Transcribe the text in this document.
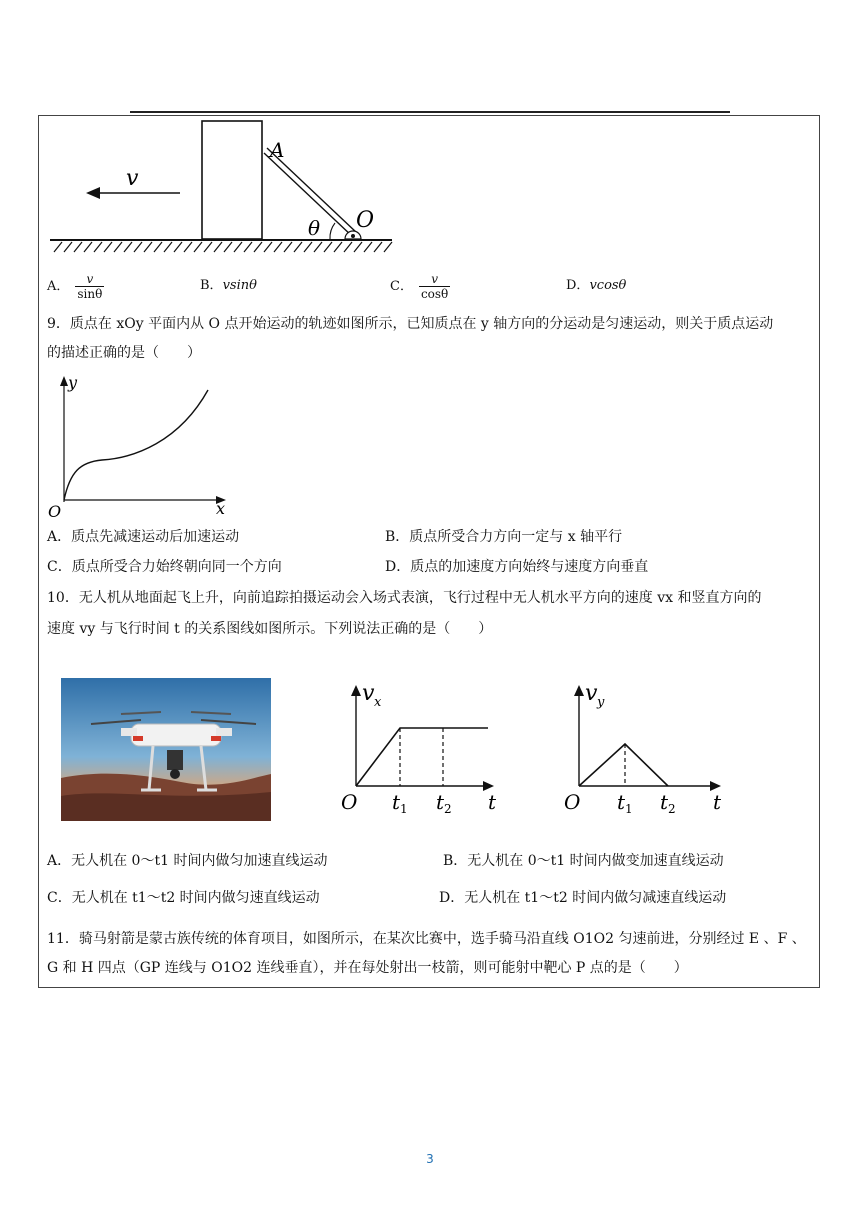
v
θ
A
O
A． $\frac{v}{\sin\theta}$	B．vsinθ	C． $\frac{v}{\cos\theta}$	D．vcosθ
9．质点在 xOy 平面内从 O 点开始运动的轨迹如图所示，已知质点在 y 轴方向的分运动是匀速运动，则关于质点运动
的描述正确的是（　　）
y
x
O
A．质点先减速运动后加速运动	B．质点所受合力方向一定与 x 轴平行
C．质点所受合力始终朝向同一个方向	D．质点的加速度方向始终与速度方向垂直
10．无人机从地面起飞上升，向前追踪拍摄运动会入场式表演，飞行过程中无人机水平方向的速度 vx 和竖直方向的
速度 vy 与飞行时间 t 的关系图线如图所示。下列说法正确的是（　　）
v x
O t 1 t 2 t
v y
O t 1 t 2 t
A．无人机在 0～t1 时间内做匀加速直线运动	B．无人机在 0～t1 时间内做变加速直线运动
C．无人机在 t1～t2 时间内做匀速直线运动	D．无人机在 t1～t2 时间内做匀减速直线运动
11．骑马射箭是蒙古族传统的体育项目，如图所示，在某次比赛中，选手骑马沿直线 O1O2 匀速前进，分别经过 E 、F 、
G 和 H 四点（GP 连线与 O1O2 连线垂直），并在每处射出一枝箭，则可能射中靶心 P 点的是（　　）
3
